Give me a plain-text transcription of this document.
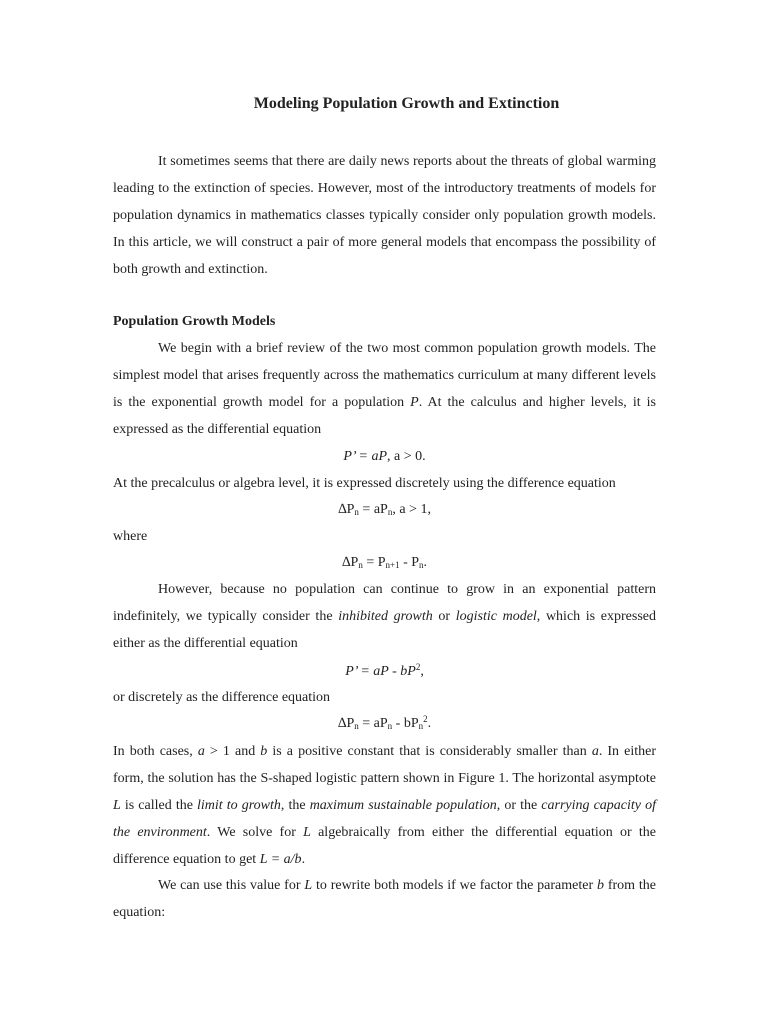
Modeling Population Growth and Extinction

It sometimes seems that there are daily news reports about the threats of global warming leading to the extinction of species. However, most of the introductory treatments of models for population dynamics in mathematics classes typically consider only population growth models. In this article, we will construct a pair of more general models that encompass the possibility of both growth and extinction.

Population Growth Models

We begin with a brief review of the two most common population growth models. The simplest model that arises frequently across the mathematics curriculum at many different levels is the exponential growth model for a population P. At the calculus and higher levels, it is expressed as the differential equation

P’ = aP, a > 0.
At the precalculus or algebra level, it is expressed discretely using the difference equation
$\Delta P_n = aP_n$, a > 1,
where
$\Delta P_n = P_{n+1} - P_n$.

However, because no population can continue to grow in an exponential pattern indefinitely, we typically consider the inhibited growth or logistic model, which is expressed either as the differential equation

P’ = aP - $bP^2$,
or discretely as the difference equation
$\Delta P_n = aP_n - bP_n^2$.

In both cases, a > 1 and b is a positive constant that is considerably smaller than a. In either form, the solution has the S-shaped logistic pattern shown in Figure 1. The horizontal asymptote L is called the limit to growth, the maximum sustainable population, or the carrying capacity of the environment. We solve for L algebraically from either the differential equation or the difference equation to get L = a/b.

We can use this value for L to rewrite both models if we factor the parameter b from the equation:
